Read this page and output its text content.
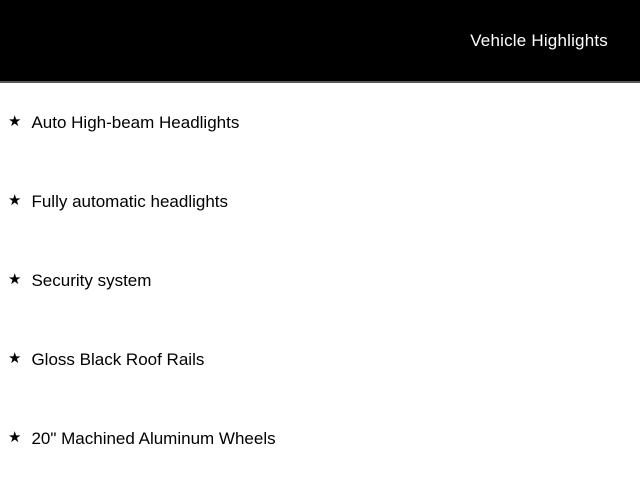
Vehicle Highlights
★ Auto High-beam Headlights
★ Fully automatic headlights
★ Security system
★ Gloss Black Roof Rails
★ 20" Machined Aluminum Wheels
